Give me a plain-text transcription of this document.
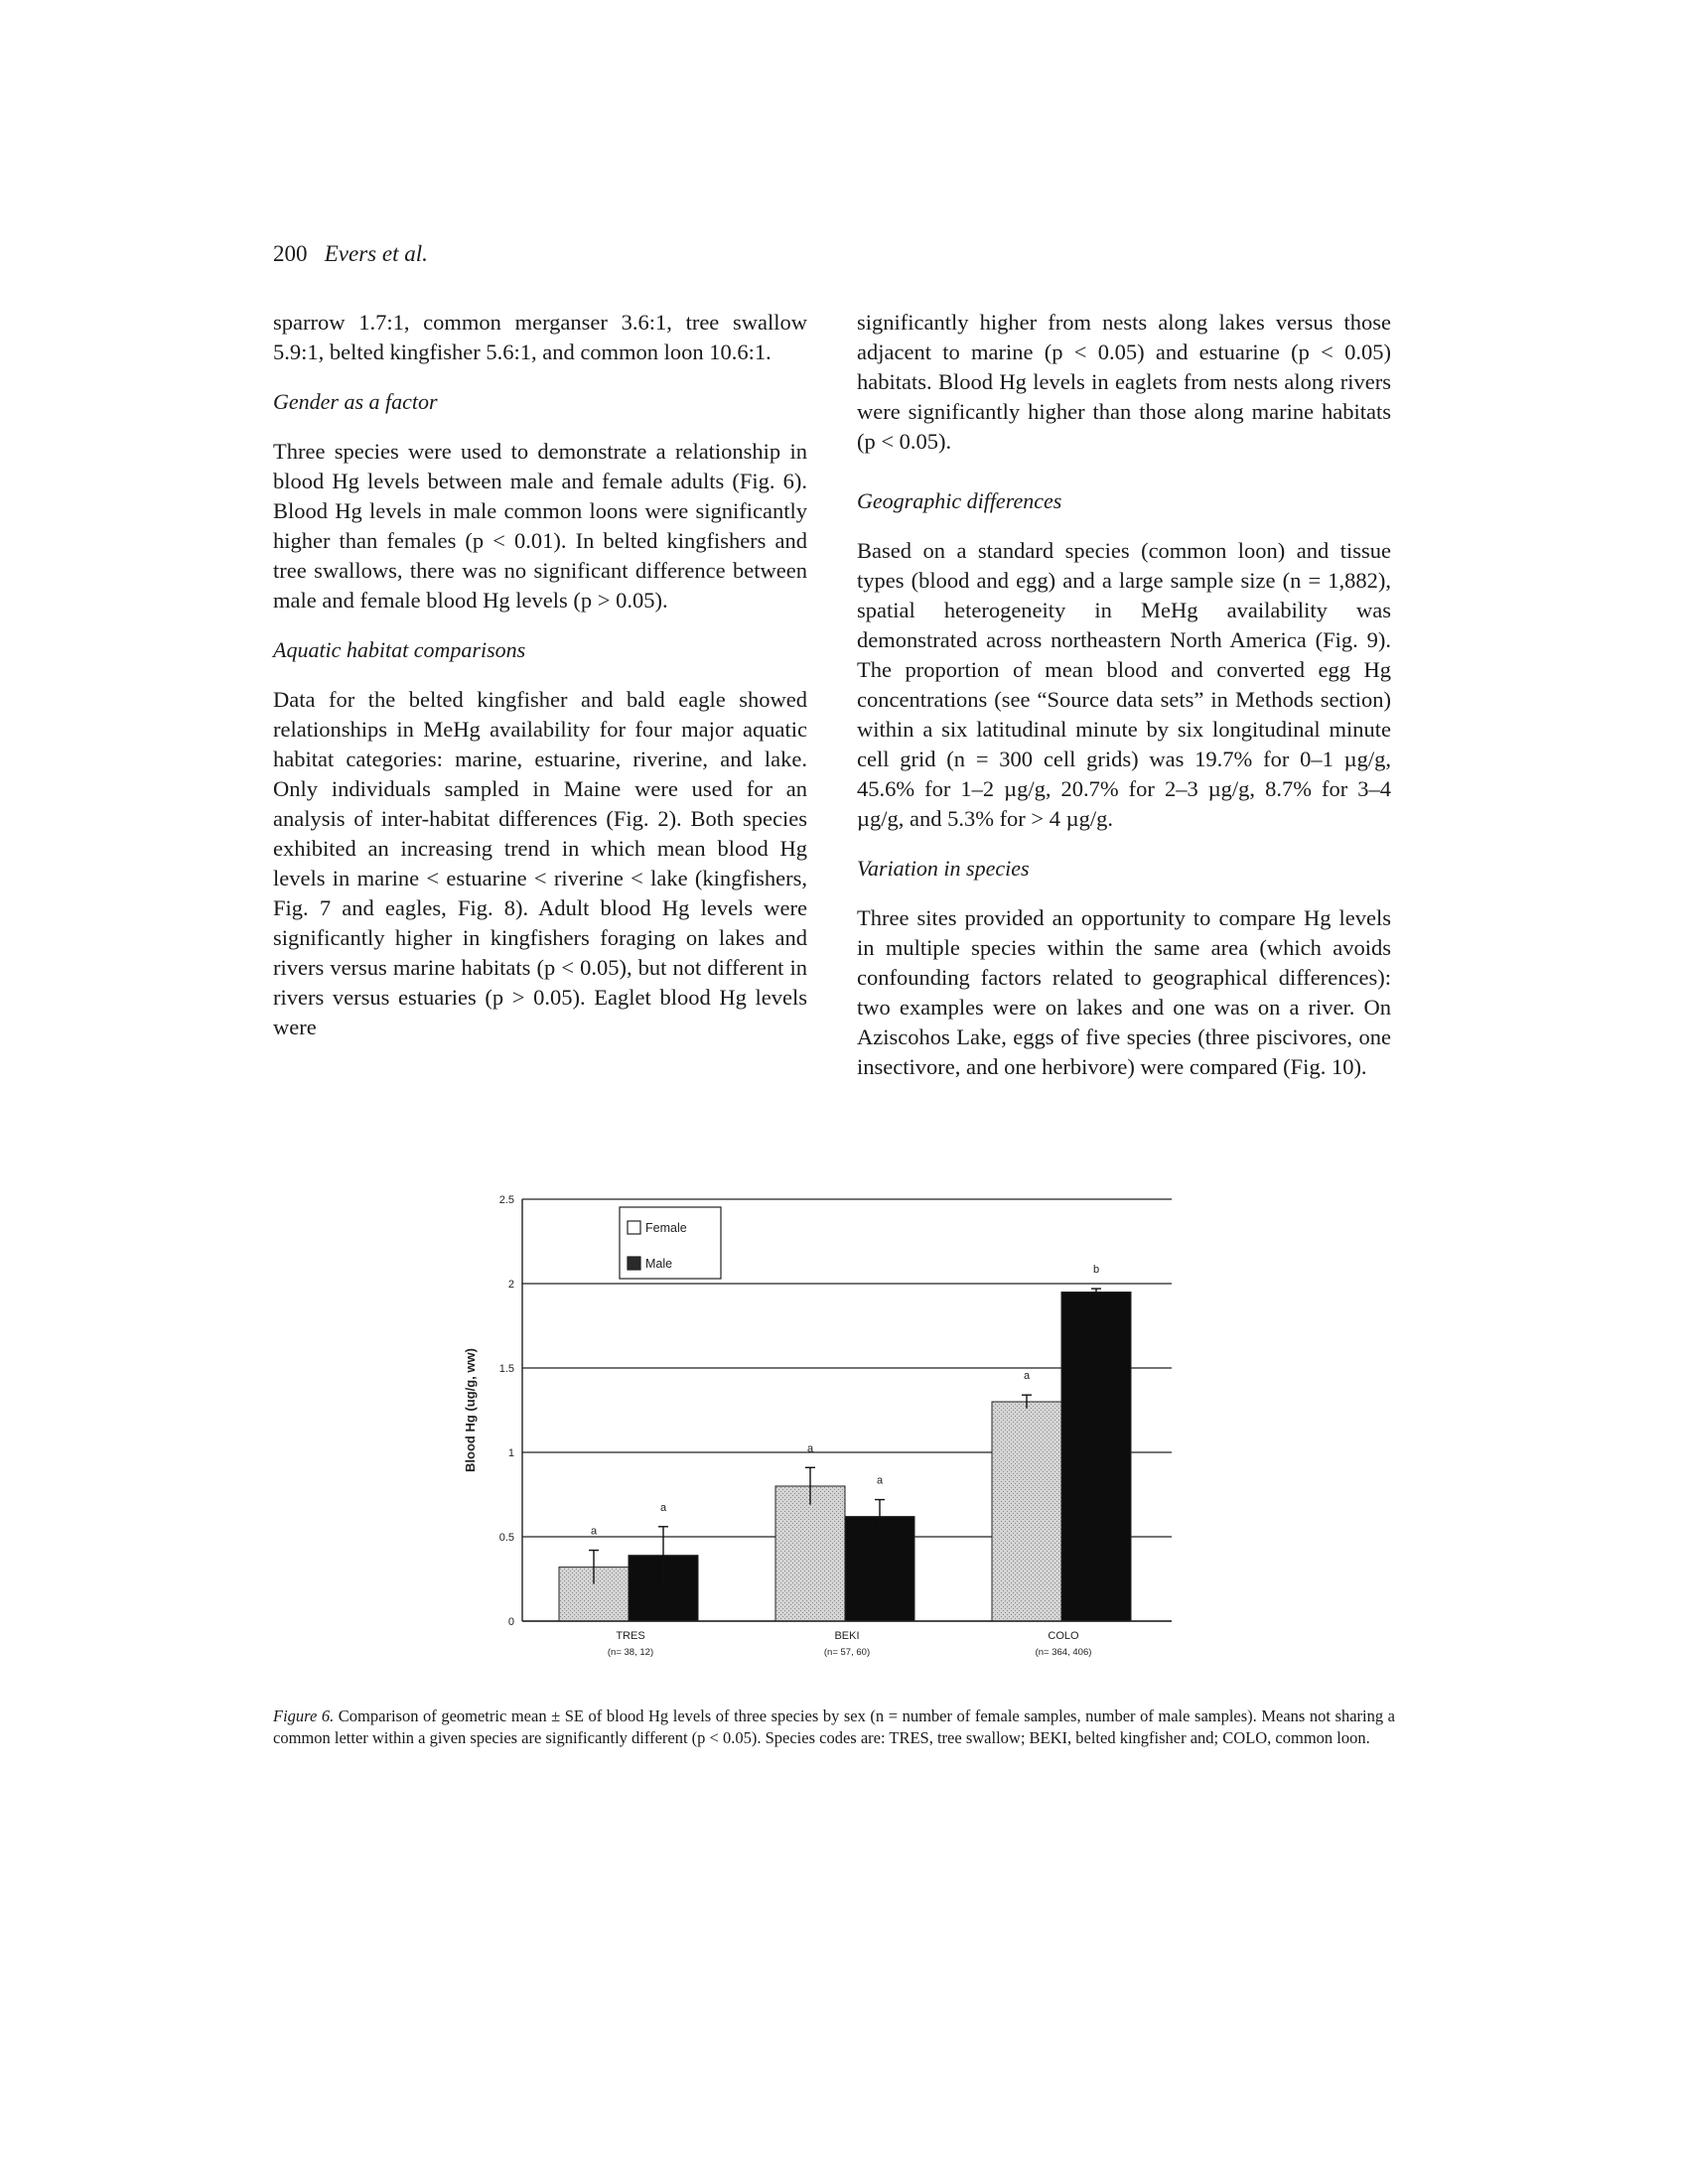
200 Evers et al.

sparrow 1.7:1, common merganser 3.6:1, tree swallow 5.9:1, belted kingfisher 5.6:1, and common loon 10.6:1.

Gender as a factor

Three species were used to demonstrate a relationship in blood Hg levels between male and female adults (Fig. 6). Blood Hg levels in male common loons were significantly higher than females (p < 0.01). In belted kingfishers and tree swallows, there was no significant difference between male and female blood Hg levels (p > 0.05).

Aquatic habitat comparisons

Data for the belted kingfisher and bald eagle showed relationships in MeHg availability for four major aquatic habitat categories: marine, estuarine, riverine, and lake. Only individuals sampled in Maine were used for an analysis of inter-habitat differences (Fig. 2). Both species exhibited an increasing trend in which mean blood Hg levels in marine < estuarine < riverine < lake (kingfishers, Fig. 7 and eagles, Fig. 8). Adult blood Hg levels were significantly higher in kingfishers foraging on lakes and rivers versus marine habitats (p < 0.05), but not different in rivers versus estuaries (p > 0.05). Eaglet blood Hg levels were

significantly higher from nests along lakes versus those adjacent to marine (p < 0.05) and estuarine (p < 0.05) habitats. Blood Hg levels in eaglets from nests along rivers were significantly higher than those along marine habitats (p < 0.05).

Geographic differences

Based on a standard species (common loon) and tissue types (blood and egg) and a large sample size (n = 1,882), spatial heterogeneity in MeHg availability was demonstrated across northeastern North America (Fig. 9). The proportion of mean blood and converted egg Hg concentrations (see “Source data sets” in Methods section) within a six latitudinal minute by six longitudinal minute cell grid (n = 300 cell grids) was 19.7% for 0–1 µg/g, 45.6% for 1–2 µg/g, 20.7% for 2–3 µg/g, 8.7% for 3–4 µg/g, and 5.3% for > 4 µg/g.

Variation in species

Three sites provided an opportunity to compare Hg levels in multiple species within the same area (which avoids confounding factors related to geographical differences): two examples were on lakes and one was on a river. On Aziscohos Lake, eggs of five species (three piscivores, one insectivore, and one herbivore) were compared (Fig. 10).

0
0.5
1
1.5
2
2.5
Blood Hg (ug/g, ww)
a
a
TRES
(n= 38, 12)
a
a
BEKI
(n= 57, 60)
a
b
COLO
(n= 364, 406)
Female
Male
Figure 6. Comparison of geometric mean ± SE of blood Hg levels of three species by sex (n = number of female samples, number of male samples). Means not sharing a common letter within a given species are significantly different (p < 0.05). Species codes are: TRES, tree swallow; BEKI, belted kingfisher and; COLO, common loon.
